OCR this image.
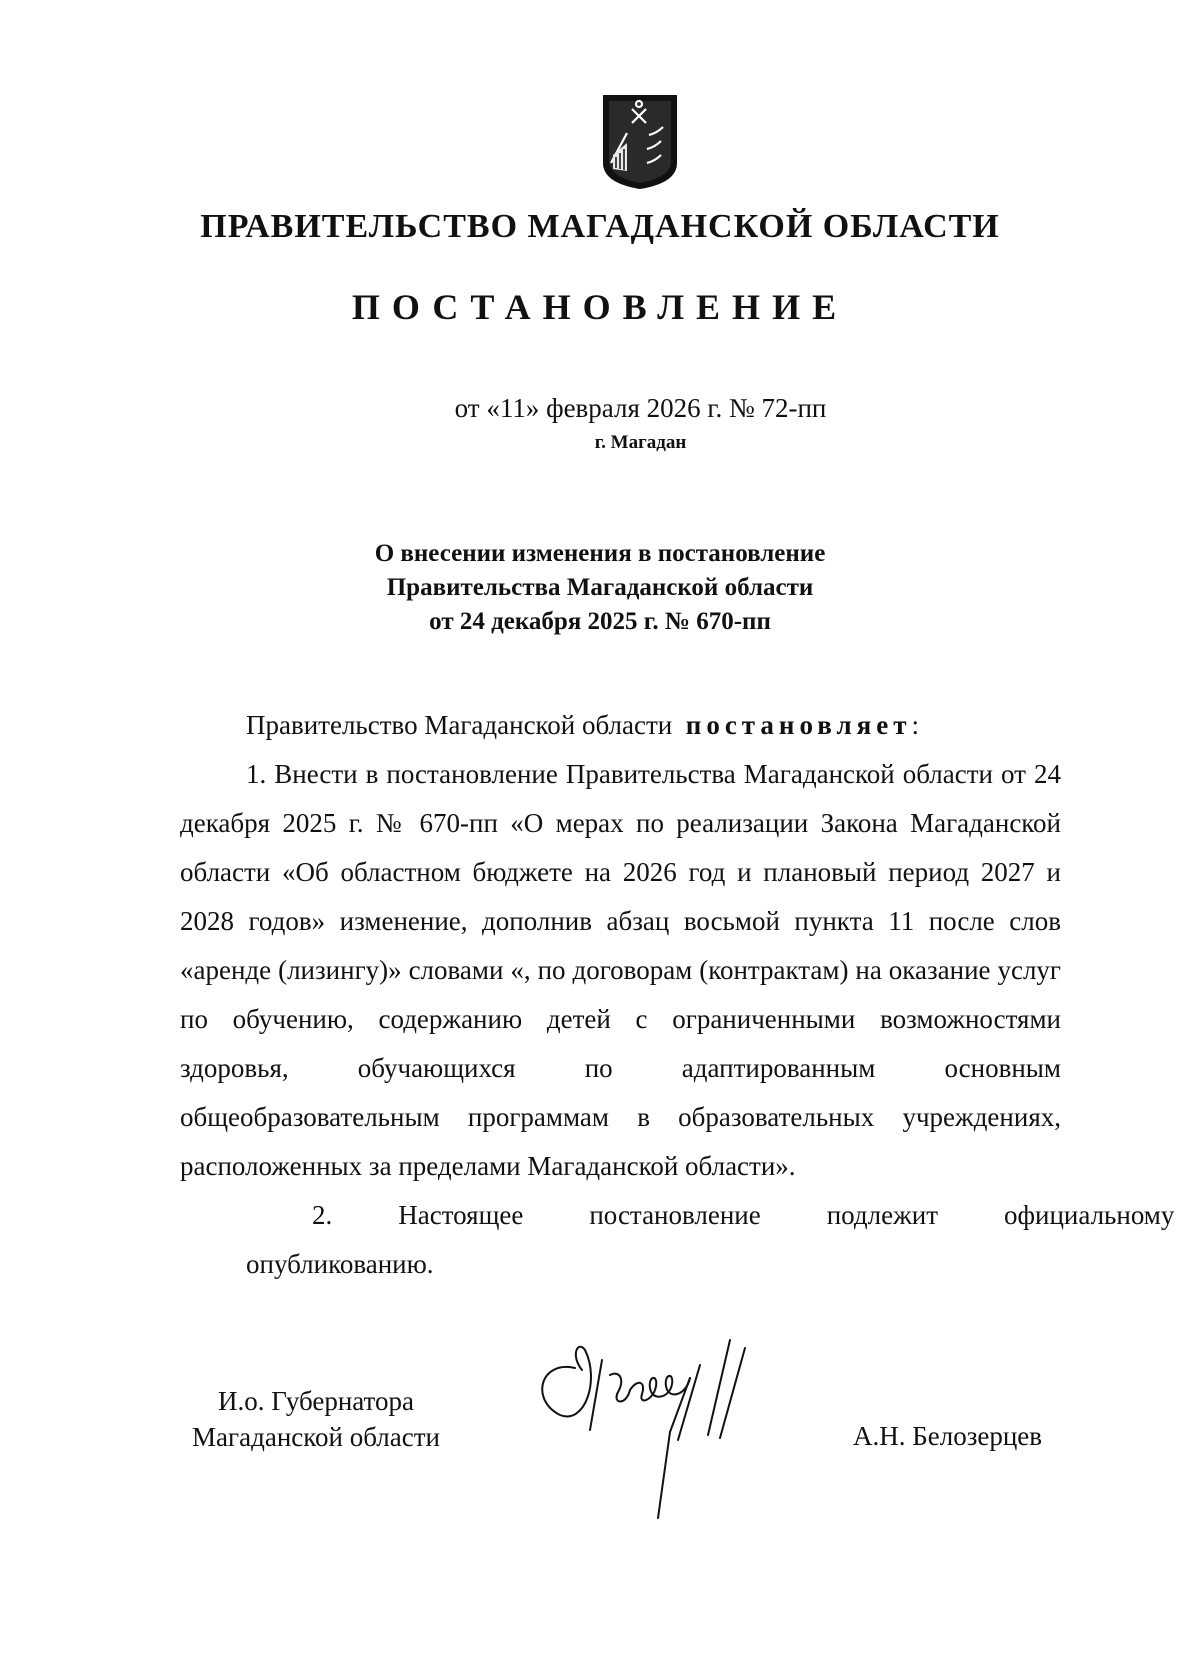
ПРАВИТЕЛЬСТВО МАГАДАНСКОЙ ОБЛАСТИ
ПОСТАНОВЛЕНИЕ
от «11» февраля 2026 г. № 72-пп
г. Магадан
О внесении изменения в постановление
Правительства Магаданской области
от 24 декабря 2025 г. № 670-пп

Правительство Магаданской области постановляет:

1. Внести в постановление Правительства Магаданской области от 24 декабря 2025 г. № 670-пп «О мерах по реализации Закона Магаданской области «Об областном бюджете на 2026 год и плановый период 2027 и 2028 годов» изменение, дополнив абзац восьмой пункта 11 после слов «аренде (лизингу)» словами «, по договорам (контрактам) на оказание услуг по обучению, содержанию детей с ограниченными возможностями здоровья, обучающихся по адаптированным основным общеобразовательным программам в образовательных учреждениях, расположенных за пределами Магаданской области».

2.	Настоящее	постановление	подлежит	официальному
опубликованию.
И.о. Губернатора
Магаданской области	А.Н. Белозерцев
